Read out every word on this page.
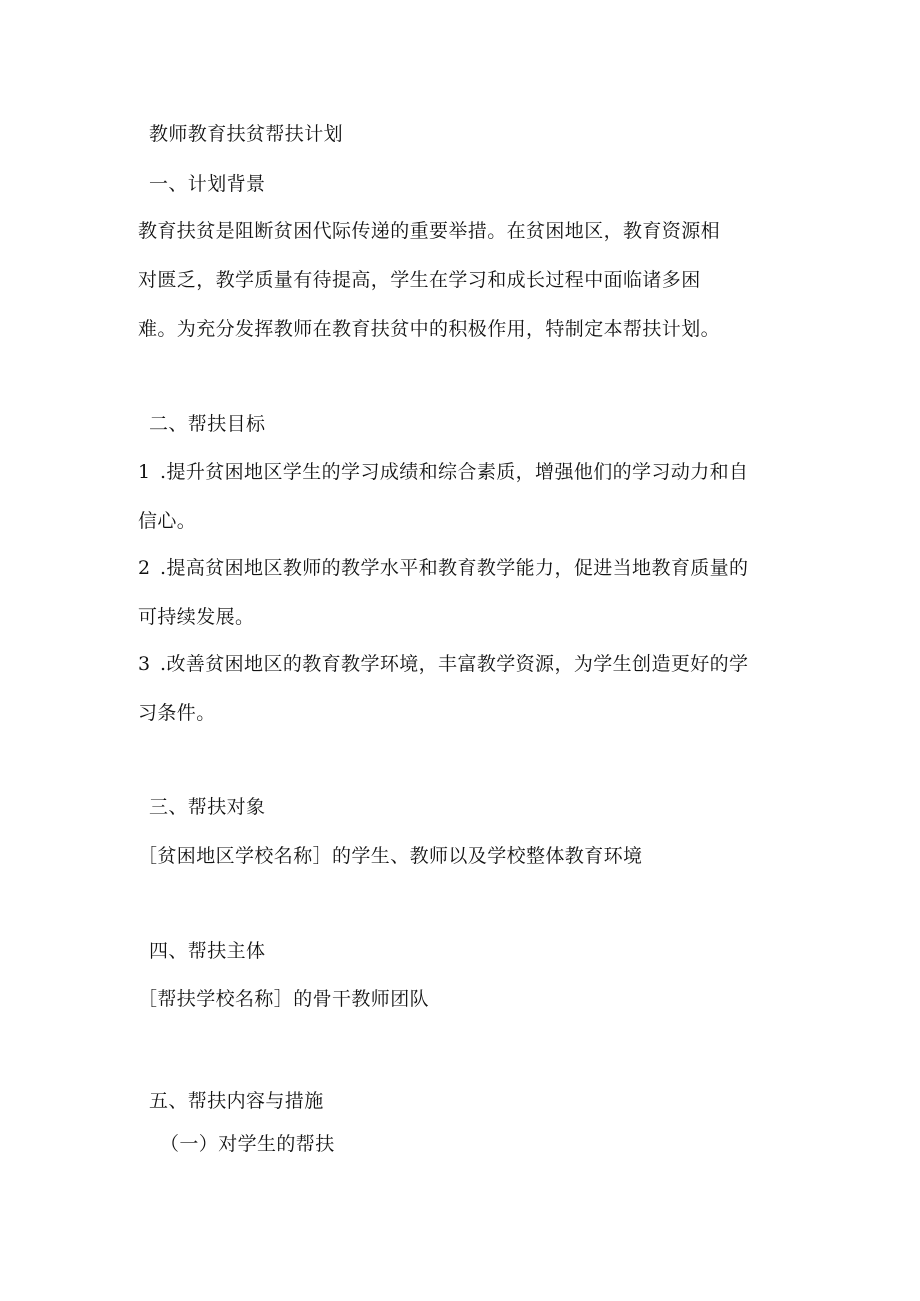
教师教育扶贫帮扶计划
一、计划背景
教育扶贫是阻断贫困代际传递的重要举措。在贫困地区，教育资源相
对匮乏，教学质量有待提高，学生在学习和成长过程中面临诸多困
难。为充分发挥教师在教育扶贫中的积极作用，特制定本帮扶计划。
二、帮扶目标
1 .提升贫困地区学生的学习成绩和综合素质，增强他们的学习动力和自
信心。
2 .提高贫困地区教师的教学水平和教育教学能力，促进当地教育质量的
可持续发展。
3 .改善贫困地区的教育教学环境，丰富教学资源，为学生创造更好的学
习条件。
三、帮扶对象
［贫困地区学校名称］的学生、教师以及学校整体教育环境
四、帮扶主体
［帮扶学校名称］的骨干教师团队
五、帮扶内容与措施
（一）对学生的帮扶
